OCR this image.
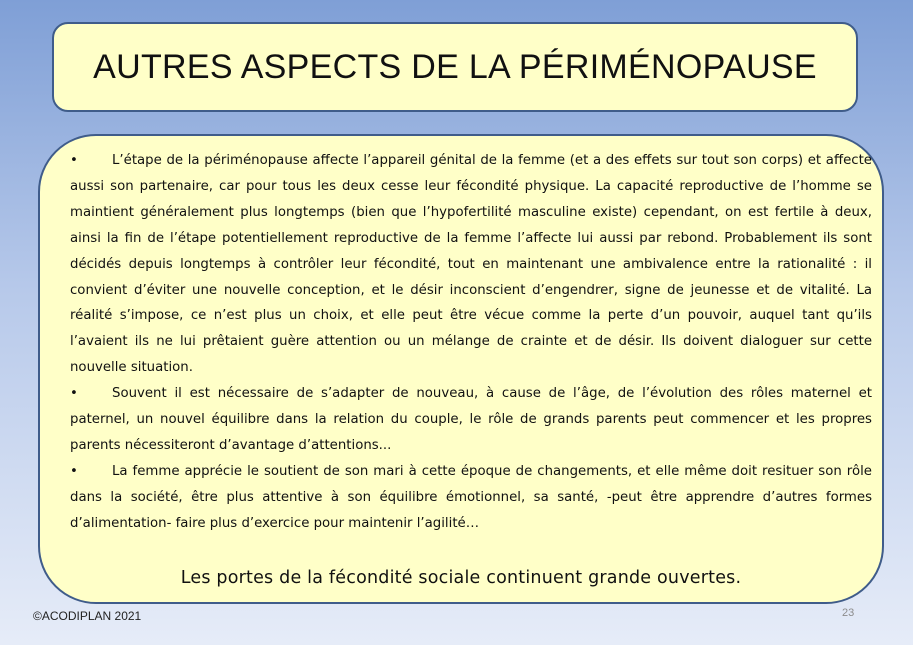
AUTRES ASPECTS DE LA PÉRIMÉNOPAUSE

•	L’étape de la périménopause affecte l’appareil génital de la femme (et a des effets sur tout son corps) et affecte aussi son partenaire, car pour tous les deux cesse leur fécondité physique. La capacité reproductive de l’homme se maintient généralement plus longtemps (bien que l’hypofertilité masculine existe) cependant, on est fertile à deux, ainsi la fin de l’étape potentiellement reproductive de la femme l’affecte lui aussi par rebond. Probablement ils sont décidés depuis longtemps à contrôler leur fécondité, tout en maintenant une ambivalence entre la rationalité : il convient d’éviter une nouvelle conception, et le désir inconscient d’engendrer, signe de jeunesse et de vitalité. La réalité s’impose, ce n’est plus un choix, et elle peut être vécue comme la perte d’un pouvoir, auquel tant qu’ils l’avaient ils ne lui prêtaient guère attention ou un mélange de crainte et de désir. Ils doivent dialoguer sur cette nouvelle situation.

•	Souvent il est nécessaire de s’adapter de nouveau, à cause de l’âge, de l’évolution des rôles maternel et paternel, un nouvel équilibre dans la relation du couple, le rôle de grands parents peut commencer et les propres parents nécessiteront d’avantage d’attentions...

•	La femme apprécie le soutient de son mari à cette époque de changements, et elle même doit resituer son rôle dans la société, être plus attentive à son équilibre émotionnel, sa santé, -peut être apprendre d’autres formes d’alimentation- faire plus d’exercice pour maintenir l’agilité…

Les portes de la fécondité sociale continuent grande ouvertes.
©ACODIPLAN 2021	23
